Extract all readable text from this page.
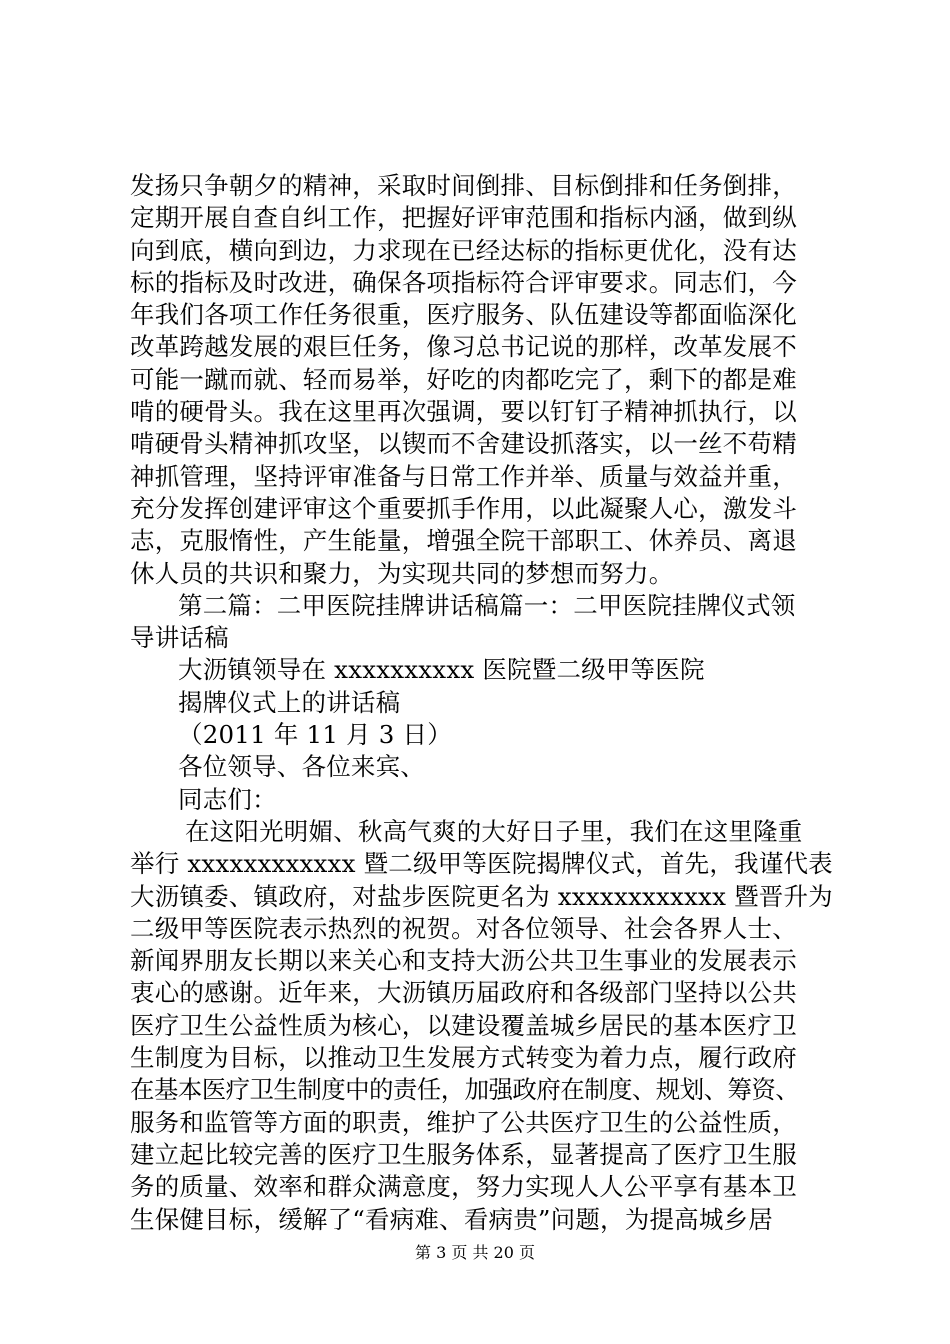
发扬只争朝夕的精神，采取时间倒排、目标倒排和任务倒排，
定期开展自查自纠工作，把握好评审范围和指标内涵，做到纵
向到底，横向到边，力求现在已经达标的指标更优化，没有达
标的指标及时改进，确保各项指标符合评审要求。同志们，今
年我们各项工作任务很重，医疗服务、队伍建设等都面临深化
改革跨越发展的艰巨任务，像习总书记说的那样，改革发展不
可能一蹴而就、轻而易举，好吃的肉都吃完了，剩下的都是难
啃的硬骨头。我在这里再次强调，要以钉钉子精神抓执行，以
啃硬骨头精神抓攻坚，以锲而不舍建设抓落实，以一丝不苟精
神抓管理，坚持评审准备与日常工作并举、质量与效益并重，
充分发挥创建评审这个重要抓手作用，以此凝聚人心，激发斗
志，克服惰性，产生能量，增强全院干部职工、休养员、离退
休人员的共识和聚力，为实现共同的梦想而努力。
第二篇：二甲医院挂牌讲话稿篇一：二甲医院挂牌仪式领
导讲话稿
大沥镇领导在 xxxxxxxxxx 医院暨二级甲等医院
揭牌仪式上的讲话稿
（2011 年 11 月 3 日）
各位领导、各位来宾、
同志们：
在这阳光明媚、秋高气爽的大好日子里，我们在这里隆重
举行 xxxxxxxxxxxx 暨二级甲等医院揭牌仪式，首先，我谨代表
大沥镇委、镇政府，对盐步医院更名为 xxxxxxxxxxxx 暨晋升为
二级甲等医院表示热烈的祝贺。对各位领导、社会各界人士、
新闻界朋友长期以来关心和支持大沥公共卫生事业的发展表示
衷心的感谢。近年来，大沥镇历届政府和各级部门坚持以公共
医疗卫生公益性质为核心，以建设覆盖城乡居民的基本医疗卫
生制度为目标，以推动卫生发展方式转变为着力点，履行政府
在基本医疗卫生制度中的责任，加强政府在制度、规划、筹资、
服务和监管等方面的职责，维护了公共医疗卫生的公益性质，
建立起比较完善的医疗卫生服务体系，显著提高了医疗卫生服
务的质量、效率和群众满意度，努力实现人人公平享有基本卫
生保健目标，缓解了“看病难、看病贵”问题，为提高城乡居
第 3 页 共 20 页
